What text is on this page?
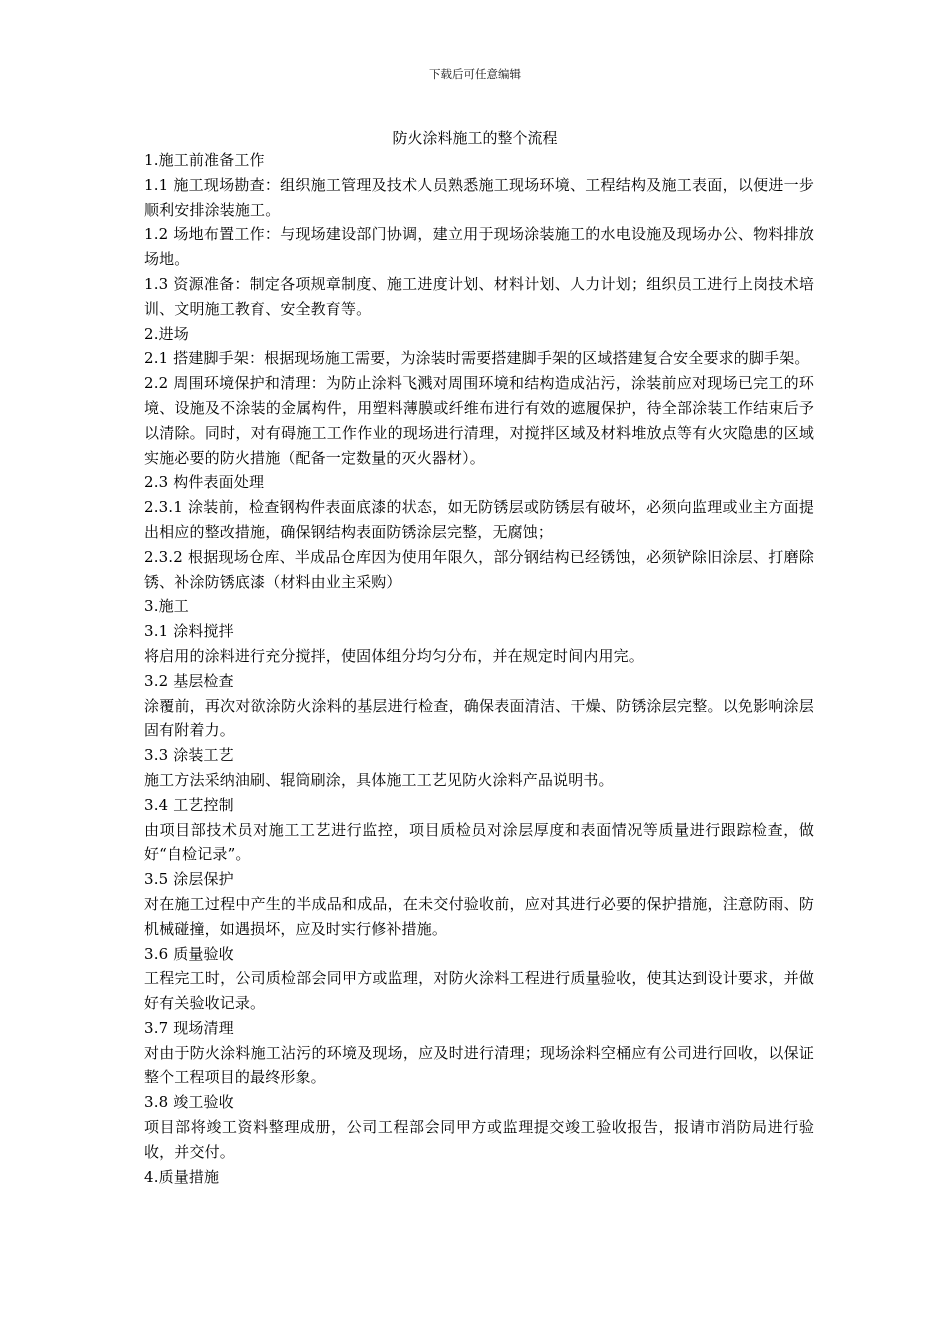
下载后可任意编辑
防火涂料施工的整个流程

1.施工前准备工作

1.1 施工现场勘查：组织施工管理及技术人员熟悉施工现场环境、工程结构及施工表面，以便进一步顺利安排涂装施工。

1.2 场地布置工作：与现场建设部门协调，建立用于现场涂装施工的水电设施及现场办公、物料排放场地。

1.3 资源准备：制定各项规章制度、施工进度计划、材料计划、人力计划；组织员工进行上岗技术培训、文明施工教育、安全教育等。

2.进场

2.1 搭建脚手架：根据现场施工需要，为涂装时需要搭建脚手架的区域搭建复合安全要求的脚手架。

2.2 周围环境保护和清理：为防止涂料飞溅对周围环境和结构造成沾污，涂装前应对现场已完工的环境、设施及不涂装的金属构件，用塑料薄膜或纤维布进行有效的遮履保护，待全部涂装工作结束后予以清除。同时，对有碍施工工作作业的现场进行清理，对搅拌区域及材料堆放点等有火灾隐患的区域实施必要的防火措施（配备一定数量的灭火器材）。

2.3 构件表面处理

2.3.1 涂装前，检查钢构件表面底漆的状态，如无防锈层或防锈层有破坏，必须向监理或业主方面提出相应的整改措施，确保钢结构表面防锈涂层完整，无腐蚀；

2.3.2 根据现场仓库、半成品仓库因为使用年限久，部分钢结构已经锈蚀，必须铲除旧涂层、打磨除锈、补涂防锈底漆（材料由业主采购）

3.施工

3.1 涂料搅拌

将启用的涂料进行充分搅拌，使固体组分均匀分布，并在规定时间内用完。

3.2 基层检查

涂覆前，再次对欲涂防火涂料的基层进行检查，确保表面清洁、干燥、防锈涂层完整。以免影响涂层固有附着力。

3.3 涂装工艺

施工方法采纳油刷、辊筒刷涂，具体施工工艺见防火涂料产品说明书。

3.4 工艺控制

由项目部技术员对施工工艺进行监控，项目质检员对涂层厚度和表面情况等质量进行跟踪检查，做好“自检记录”。

3.5 涂层保护

对在施工过程中产生的半成品和成品，在未交付验收前，应对其进行必要的保护措施，注意防雨、防机械碰撞，如遇损坏，应及时实行修补措施。

3.6 质量验收

工程完工时，公司质检部会同甲方或监理，对防火涂料工程进行质量验收，使其达到设计要求，并做好有关验收记录。

3.7 现场清理

对由于防火涂料施工沾污的环境及现场，应及时进行清理；现场涂料空桶应有公司进行回收，以保证整个工程项目的最终形象。

3.8 竣工验收

项目部将竣工资料整理成册，公司工程部会同甲方或监理提交竣工验收报告，报请市消防局进行验收，并交付。

4.质量措施
